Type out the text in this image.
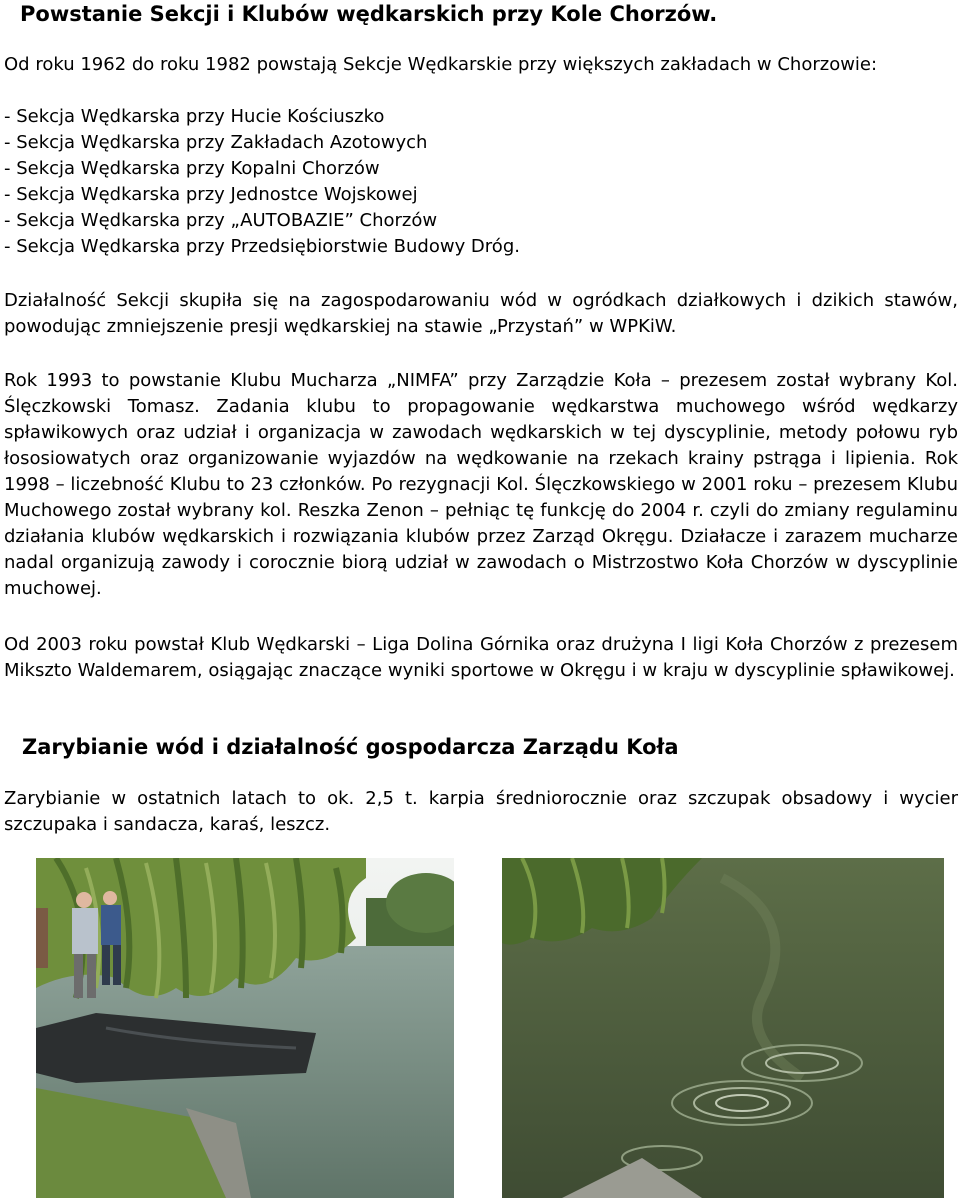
Powstanie Sekcji i Klubów wędkarskich przy Kole Chorzów.

Od roku 1962 do roku 1982 powstają Sekcje Wędkarskie przy większych zakładach w Chorzowie:

- Sekcja Wędkarska przy Hucie Kościuszko
- Sekcja Wędkarska przy Zakładach Azotowych
- Sekcja Wędkarska przy Kopalni Chorzów
- Sekcja Wędkarska przy Jednostce Wojskowej
- Sekcja Wędkarska przy „AUTOBAZIE” Chorzów
- Sekcja Wędkarska przy Przedsiębiorstwie Budowy Dróg.

Działalność Sekcji skupiła się na zagospodarowaniu wód w ogródkach działkowych i dzikich stawów, powodując zmniejszenie presji wędkarskiej na stawie „Przystań” w WPKiW.

Rok 1993 to powstanie Klubu Mucharza „NIMFA” przy Zarządzie Koła – prezesem został wybrany Kol. Ślęczkowski Tomasz. Zadania klubu to propagowanie wędkarstwa muchowego wśród wędkarzy spławikowych oraz udział i organizacja w zawodach wędkarskich w tej dyscyplinie, metody połowu ryb łososiowatych oraz organizowanie wyjazdów na wędkowanie na rzekach krainy pstrąga i lipienia. Rok 1998 – liczebność Klubu to 23 członków. Po rezygnacji Kol. Ślęczkowskiego w 2001 roku – prezesem Klubu Muchowego został wybrany kol. Reszka Zenon – pełniąc tę funkcję do 2004 r. czyli do zmiany regulaminu działania klubów wędkarskich i rozwiązania klubów przez Zarząd Okręgu. Działacze i zarazem mucharze nadal organizują zawody i corocznie biorą udział w zawodach o Mistrzostwo Koła Chorzów w dyscyplinie muchowej.

Od 2003 roku powstał Klub Wędkarski – Liga Dolina Górnika oraz drużyna I ligi Koła Chorzów z prezesem Mikszto Waldemarem, osiągając znaczące wyniki sportowe w Okręgu i w kraju w dyscyplinie spławikowej.

Zarybianie wód i działalność gospodarcza Zarządu Koła

Zarybianie w ostatnich latach to ok. 2,5 t. karpia średniorocznie oraz szczupak obsadowy i wycier szczupaka i sandacza, karaś, leszcz.
